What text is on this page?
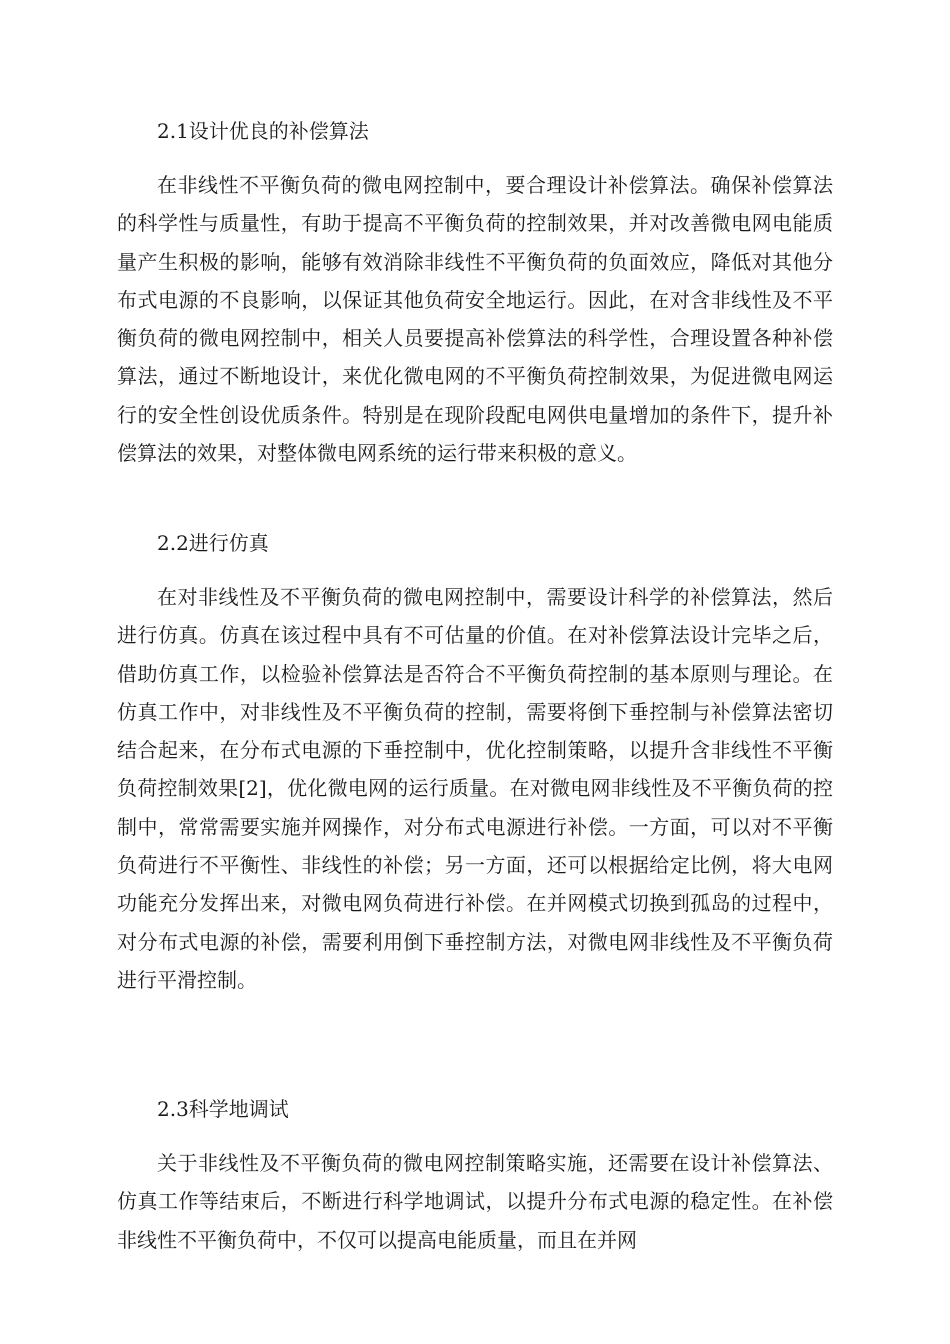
2.1设计优良的补偿算法

在非线性不平衡负荷的微电网控制中，要合理设计补偿算法。确保补偿算法的科学性与质量性，有助于提高不平衡负荷的控制效果，并对改善微电网电能质量产生积极的影响，能够有效消除非线性不平衡负荷的负面效应，降低对其他分布式电源的不良影响，以保证其他负荷安全地运行。因此，在对含非线性及不平衡负荷的微电网控制中，相关人员要提高补偿算法的科学性，合理设置各种补偿算法，通过不断地设计，来优化微电网的不平衡负荷控制效果，为促进微电网运行的安全性创设优质条件。特别是在现阶段配电网供电量增加的条件下，提升补偿算法的效果，对整体微电网系统的运行带来积极的意义。

2.2进行仿真

在对非线性及不平衡负荷的微电网控制中，需要设计科学的补偿算法，然后进行仿真。仿真在该过程中具有不可估量的价值。在对补偿算法设计完毕之后，借助仿真工作，以检验补偿算法是否符合不平衡负荷控制的基本原则与理论。在仿真工作中，对非线性及不平衡负荷的控制，需要将倒下垂控制与补偿算法密切结合起来，在分布式电源的下垂控制中，优化控制策略，以提升含非线性不平衡负荷控制效果[2]，优化微电网的运行质量。在对微电网非线性及不平衡负荷的控制中，常常需要实施并网操作，对分布式电源进行补偿。一方面，可以对不平衡负荷进行不平衡性、非线性的补偿；另一方面，还可以根据给定比例，将大电网功能充分发挥出来，对微电网负荷进行补偿。在并网模式切换到孤岛的过程中，对分布式电源的补偿，需要利用倒下垂控制方法，对微电网非线性及不平衡负荷进行平滑控制。

2.3科学地调试

关于非线性及不平衡负荷的微电网控制策略实施，还需要在设计补偿算法、仿真工作等结束后，不断进行科学地调试，以提升分布式电源的稳定性。在补偿非线性不平衡负荷中，不仅可以提高电能质量，而且在并网
